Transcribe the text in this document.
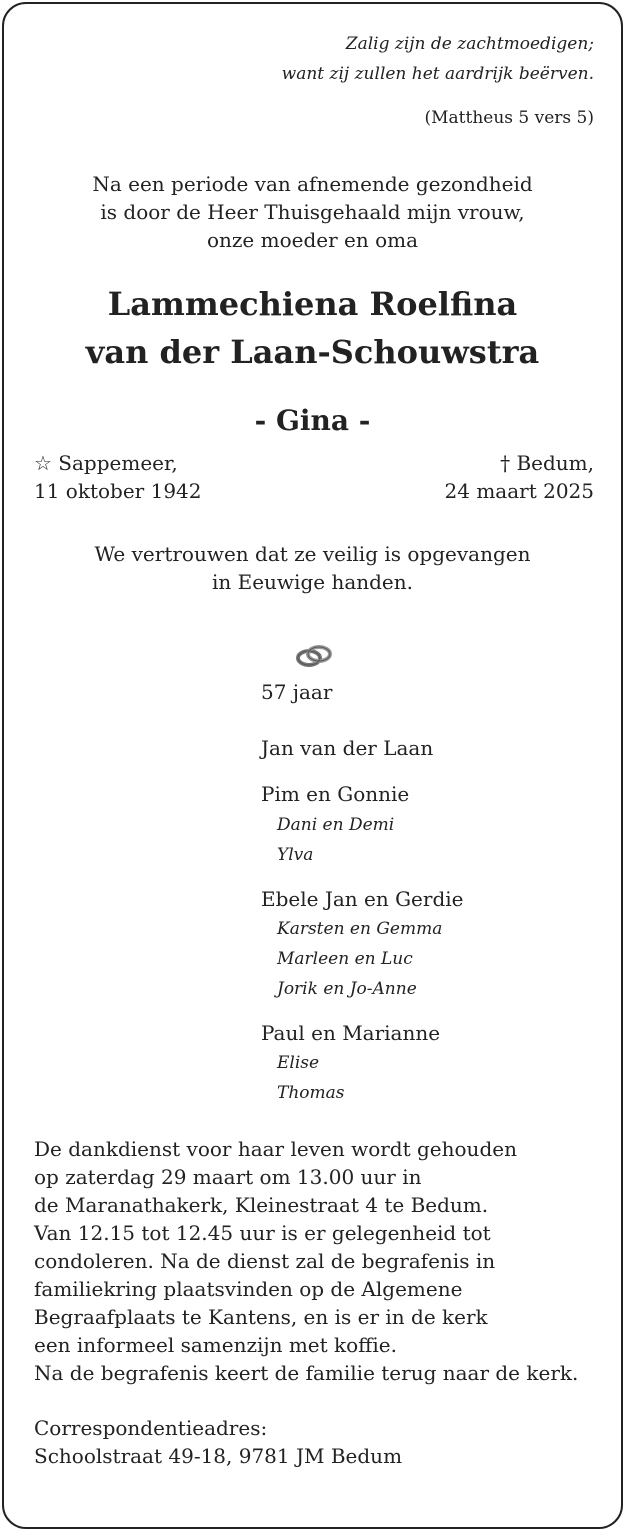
Zalig zijn de zachtmoedigen;
want zij zullen het aardrijk beërven.
(Mattheus 5 vers 5)
Na een periode van afnemende gezondheid
is door de Heer Thuisgehaald mijn vrouw,
onze moeder en oma
Lammechiena Roelfina
van der Laan-Schouwstra
- Gina -
☆ Sappemeer,
11 oktober 1942
† Bedum,
24 maart 2025
We vertrouwen dat ze veilig is opgevangen
in Eeuwige handen.
57 jaar
Jan van der Laan
Pim en Gonnie
Dani en Demi
Ylva
Ebele Jan en Gerdie
Karsten en Gemma
Marleen en Luc
Jorik en Jo-Anne
Paul en Marianne
Elise
Thomas
De dankdienst voor haar leven wordt gehouden
op zaterdag 29 maart om 13.00 uur in
de Maranathakerk, Kleinestraat 4 te Bedum.
Van 12.15 tot 12.45 uur is er gelegenheid tot
condoleren. Na de dienst zal de begrafenis in
familiekring plaatsvinden op de Algemene
Begraafplaats te Kantens, en is er in de kerk
een informeel samenzijn met koffie.
Na de begrafenis keert de familie terug naar de kerk.
Correspondentieadres:
Schoolstraat 49-18, 9781 JM Bedum
